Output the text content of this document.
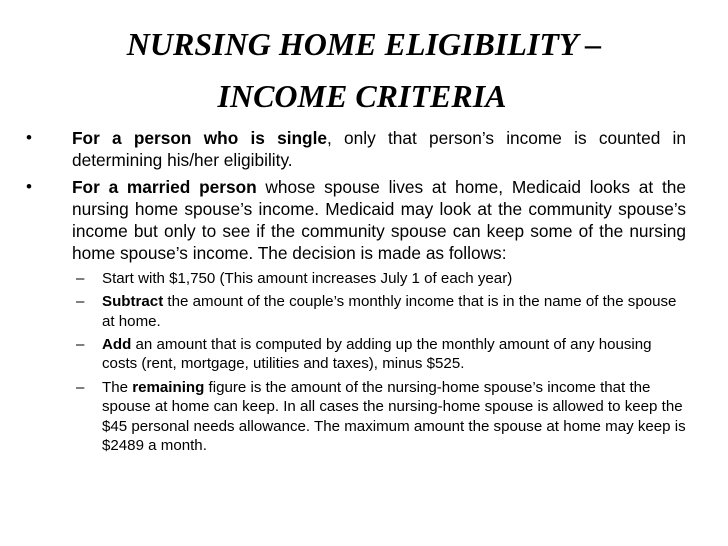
NURSING HOME ELIGIBILITY –
INCOME CRITERIA
• For a person who is single, only that person’s income is counted in determining his/her eligibility.
• For a married person whose spouse lives at home, Medicaid looks at the nursing home spouse’s income. Medicaid may look at the community spouse’s income but only to see if the community spouse can keep some of the nursing home spouse’s income. The decision is made as follows:
– Start with $1,750 (This amount increases July 1 of each year)
– Subtract the amount of the couple’s monthly income that is in the name of the spouse at home.
– Add an amount that is computed by adding up the monthly amount of any housing costs (rent, mortgage, utilities and taxes), minus $525.
– The remaining figure is the amount of the nursing-home spouse’s income that the spouse at home can keep. In all cases the nursing-home spouse is allowed to keep the $45 personal needs allowance. The maximum amount the spouse at home may keep is $2489 a month.
